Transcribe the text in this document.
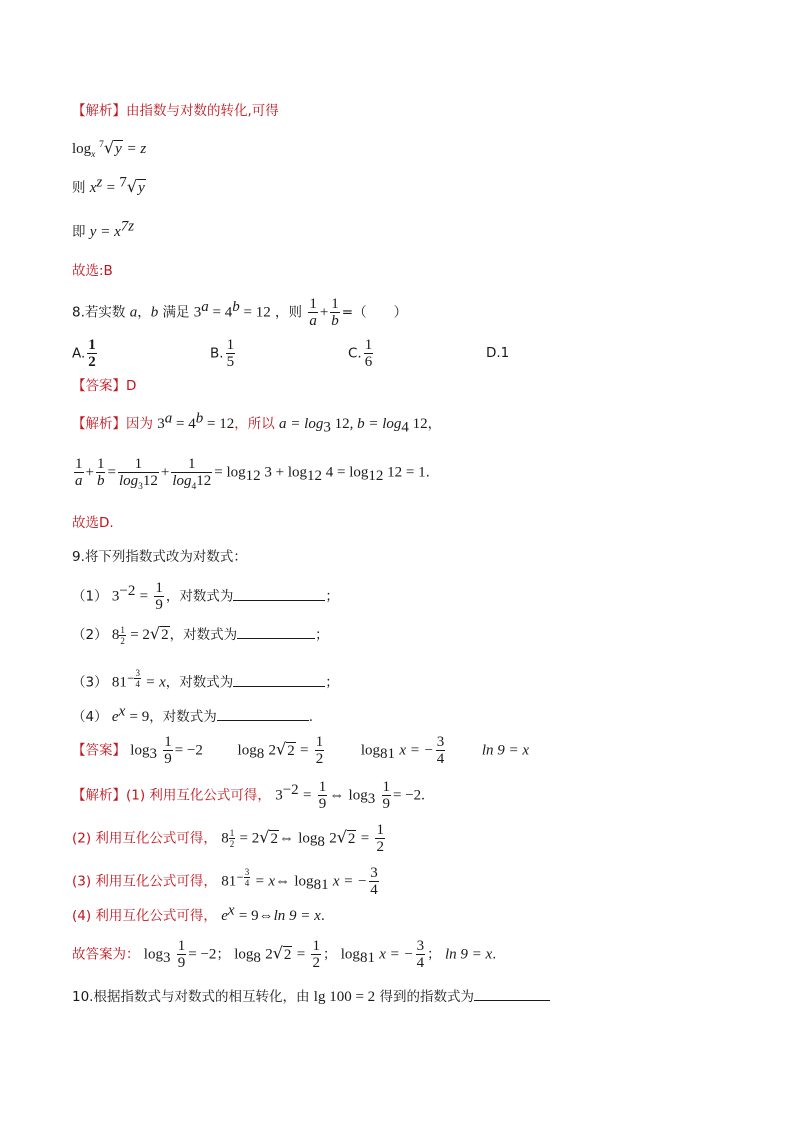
【解析】由指数与对数的转化,可得
$\log_x ^7√y = z$
则 $x^z = ^7√y$
即 $y = x^{7z}$
故选:B
8.若实数 a，b 满足 $3^a = 4^b = 12$ ，则 $\frac{1}{a} + \frac{1}{b}$ =（　　）
A. $\frac{1}{2}$	B. $\frac{1}{5}$	C. $\frac{1}{6}$	D.1
【答案】D
【解析】因为 $3^a = 4^b = 12$，所以 $a = \log_3 12$, $b = \log_4 12$，
$\frac{1}{a} + \frac{1}{b} = \frac{1}{\log_312} + \frac{1}{\log_412} = \log_{12} 3 + \log_{12} 4 = \log_{12} 12 = 1$.
故选D.
9.将下列指数式改为对数式：
（1） $3^{-2} = \frac{1}{9}$ ，对数式为	；
（2） $8 \frac{1}{2} = 2√2$，对数式为	；
（3） $81^{- \frac{3}{4}} = x$，对数式为	；
（4） $e^x = 9$，对数式为	.
【答案】 $\log_3 \frac{1}{9} = -2$ $\log_8 2√2 = \frac{1}{2} \log_{81} x$ = − $\frac{3}{4}$ ln 9 = x
【解析】(1) 利用互化公式可得， $3^{-2} = \frac{1}{9}$ ⇔ $\log_3 \frac{1}{9} = -2$.
(2) 利用互化公式可得， $8 \frac{1}{2}$ = 2√2⇔ $\log_8 2√2 = \frac{1}{2}$
(3) 利用互化公式可得， $81^{- \frac{3}{4}}$ = x⇔ $\log_{81} x$ = − $\frac{3}{4}$
(4) 利用互化公式可得， $e^x$ = 9⇔ln 9 = x.
故答案为： $\log_3 \frac{1}{9} = -2$； $\log_8 2√2 = \frac{1}{2}$ ； $\log_{81} x$ = − $\frac{3}{4}$ ； ln 9 = x.
10.根据指数式与对数式的相互转化，由 lg 100 = 2 得到的指数式为
